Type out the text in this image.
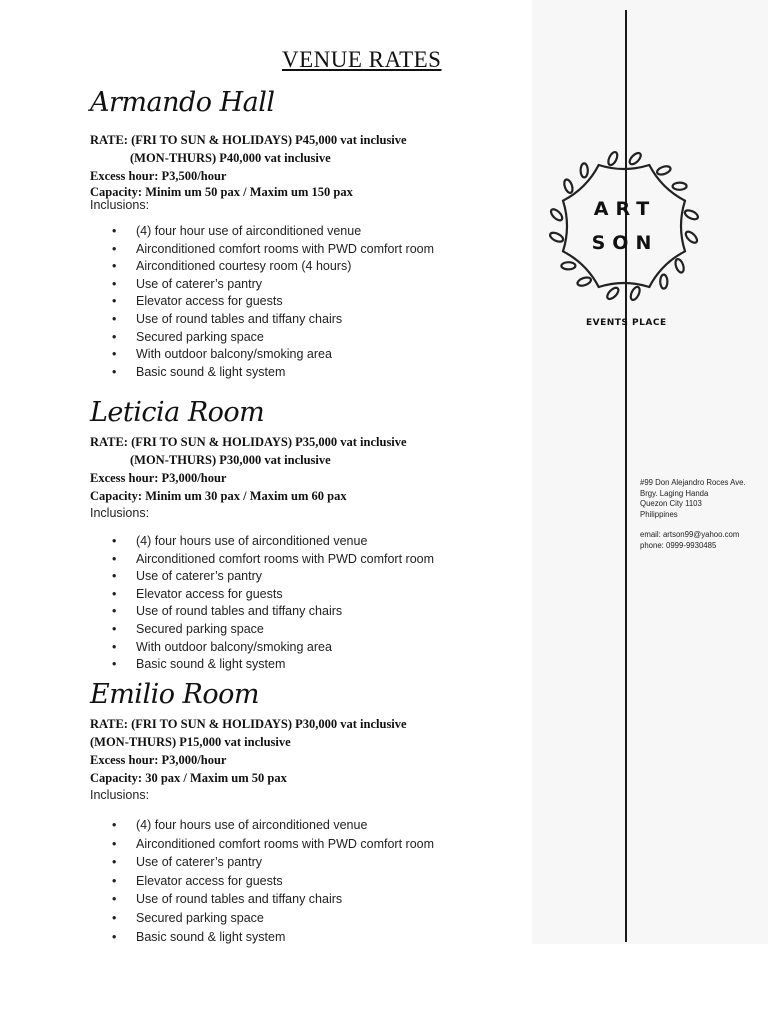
VENUE RATES
Armando Hall

RATE: (FRI TO SUN & HOLIDAYS) P45,000 vat inclusive

(MON-THURS) P40,000 vat inclusive

Excess hour: P3,500/hour

Capacity: Minim um 50 pax / Maxim um 150 pax

Inclusions:

• (4) four hour use of airconditioned venue
• Airconditioned comfort rooms with PWD comfort room
• Airconditioned courtesy room (4 hours)
• Use of caterer’s pantry
• Elevator access for guests
• Use of round tables and tiffany chairs
• Secured parking space
• With outdoor balcony/smoking area
• Basic sound & light system
Leticia Room

RATE: (FRI TO SUN & HOLIDAYS) P35,000 vat inclusive

(MON-THURS) P30,000 vat inclusive

Excess hour: P3,000/hour

Capacity: Minim um 30 pax / Maxim um 60 pax

Inclusions:

• (4) four hours use of airconditioned venue
• Airconditioned comfort rooms with PWD comfort room
• Use of caterer’s pantry
• Elevator access for guests
• Use of round tables and tiffany chairs
• Secured parking space
• With outdoor balcony/smoking area
• Basic sound & light system
Emilio Room

RATE: (FRI TO SUN & HOLIDAYS) P30,000 vat inclusive

(MON-THURS) P15,000 vat inclusive

Excess hour: P3,000/hour

Capacity: 30 pax / Maxim um 50 pax

Inclusions:

• (4) four hours use of airconditioned venue
• Airconditioned comfort rooms with PWD comfort room
• Use of caterer’s pantry
• Elevator access for guests
• Use of round tables and tiffany chairs
• Secured parking space
• Basic sound & light system
ART
SON
EVENTS PLACE
#99 Don Alejandro Roces Ave.
Brgy. Laging Handa
Quezon City 1103
Philippines
email: artson99@yahoo.com
phone: 0999-9930485
